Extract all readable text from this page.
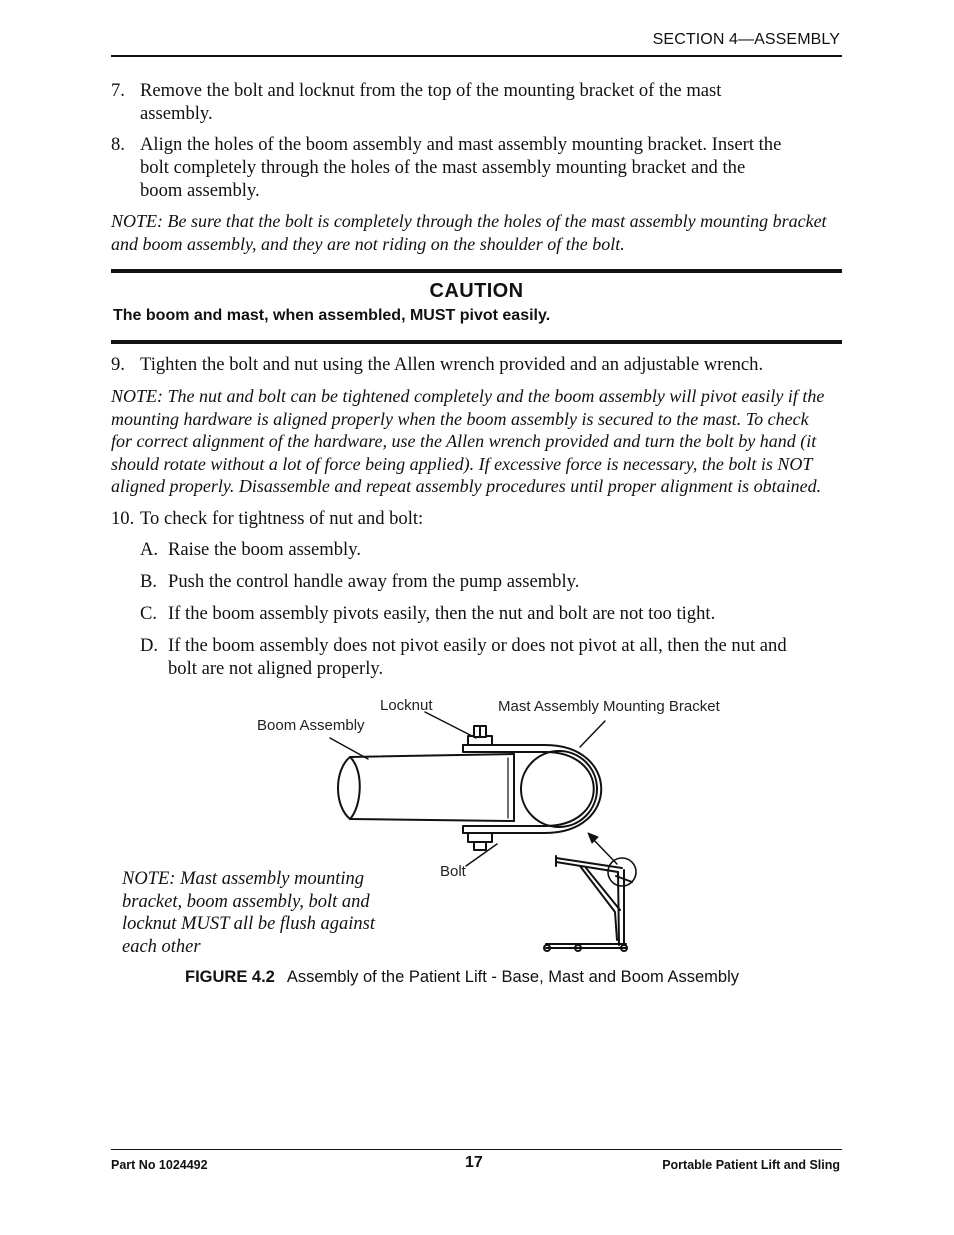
SECTION 4—ASSEMBLY
7. Remove the bolt and locknut from the top of the mounting bracket of the mast
assembly.
8. Align the holes of the boom assembly and mast assembly mounting bracket. Insert the
bolt completely through the holes of the mast assembly mounting bracket and the
boom assembly.
NOTE: Be sure that the bolt is completely through the holes of the mast assembly mounting bracket
and boom assembly, and they are not riding on the shoulder of the bolt.
CAUTION
The boom and mast, when assembled, MUST pivot easily.
9. Tighten the bolt and nut using the Allen wrench provided and an adjustable wrench.
NOTE: The nut and bolt can be tightened completely and the boom assembly will pivot easily if the
mounting hardware is aligned properly when the boom assembly is secured to the mast. To check
for correct alignment of the hardware, use the Allen wrench provided and turn the bolt by hand (it
should rotate without a lot of force being applied). If excessive force is necessary, the bolt is NOT
aligned properly. Disassemble and repeat assembly procedures until proper alignment is obtained.
10. To check for tightness of nut and bolt:
A. Raise the boom assembly.
B. Push the control handle away from the pump assembly.
C. If the boom assembly pivots easily, then the nut and bolt are not too tight.
D. If the boom assembly does not pivot easily or does not pivot at all, then the nut and
bolt are not aligned properly.
Locknut	Mast Assembly Mounting Bracket
Boom Assembly
Bolt
NOTE: Mast assembly mounting
bracket, boom assembly, bolt and
locknut MUST all be flush against
each other
FIGURE 4.2 Assembly of the Patient Lift - Base, Mast and Boom Assembly
Part No 1024492	17	Portable Patient Lift and Sling
